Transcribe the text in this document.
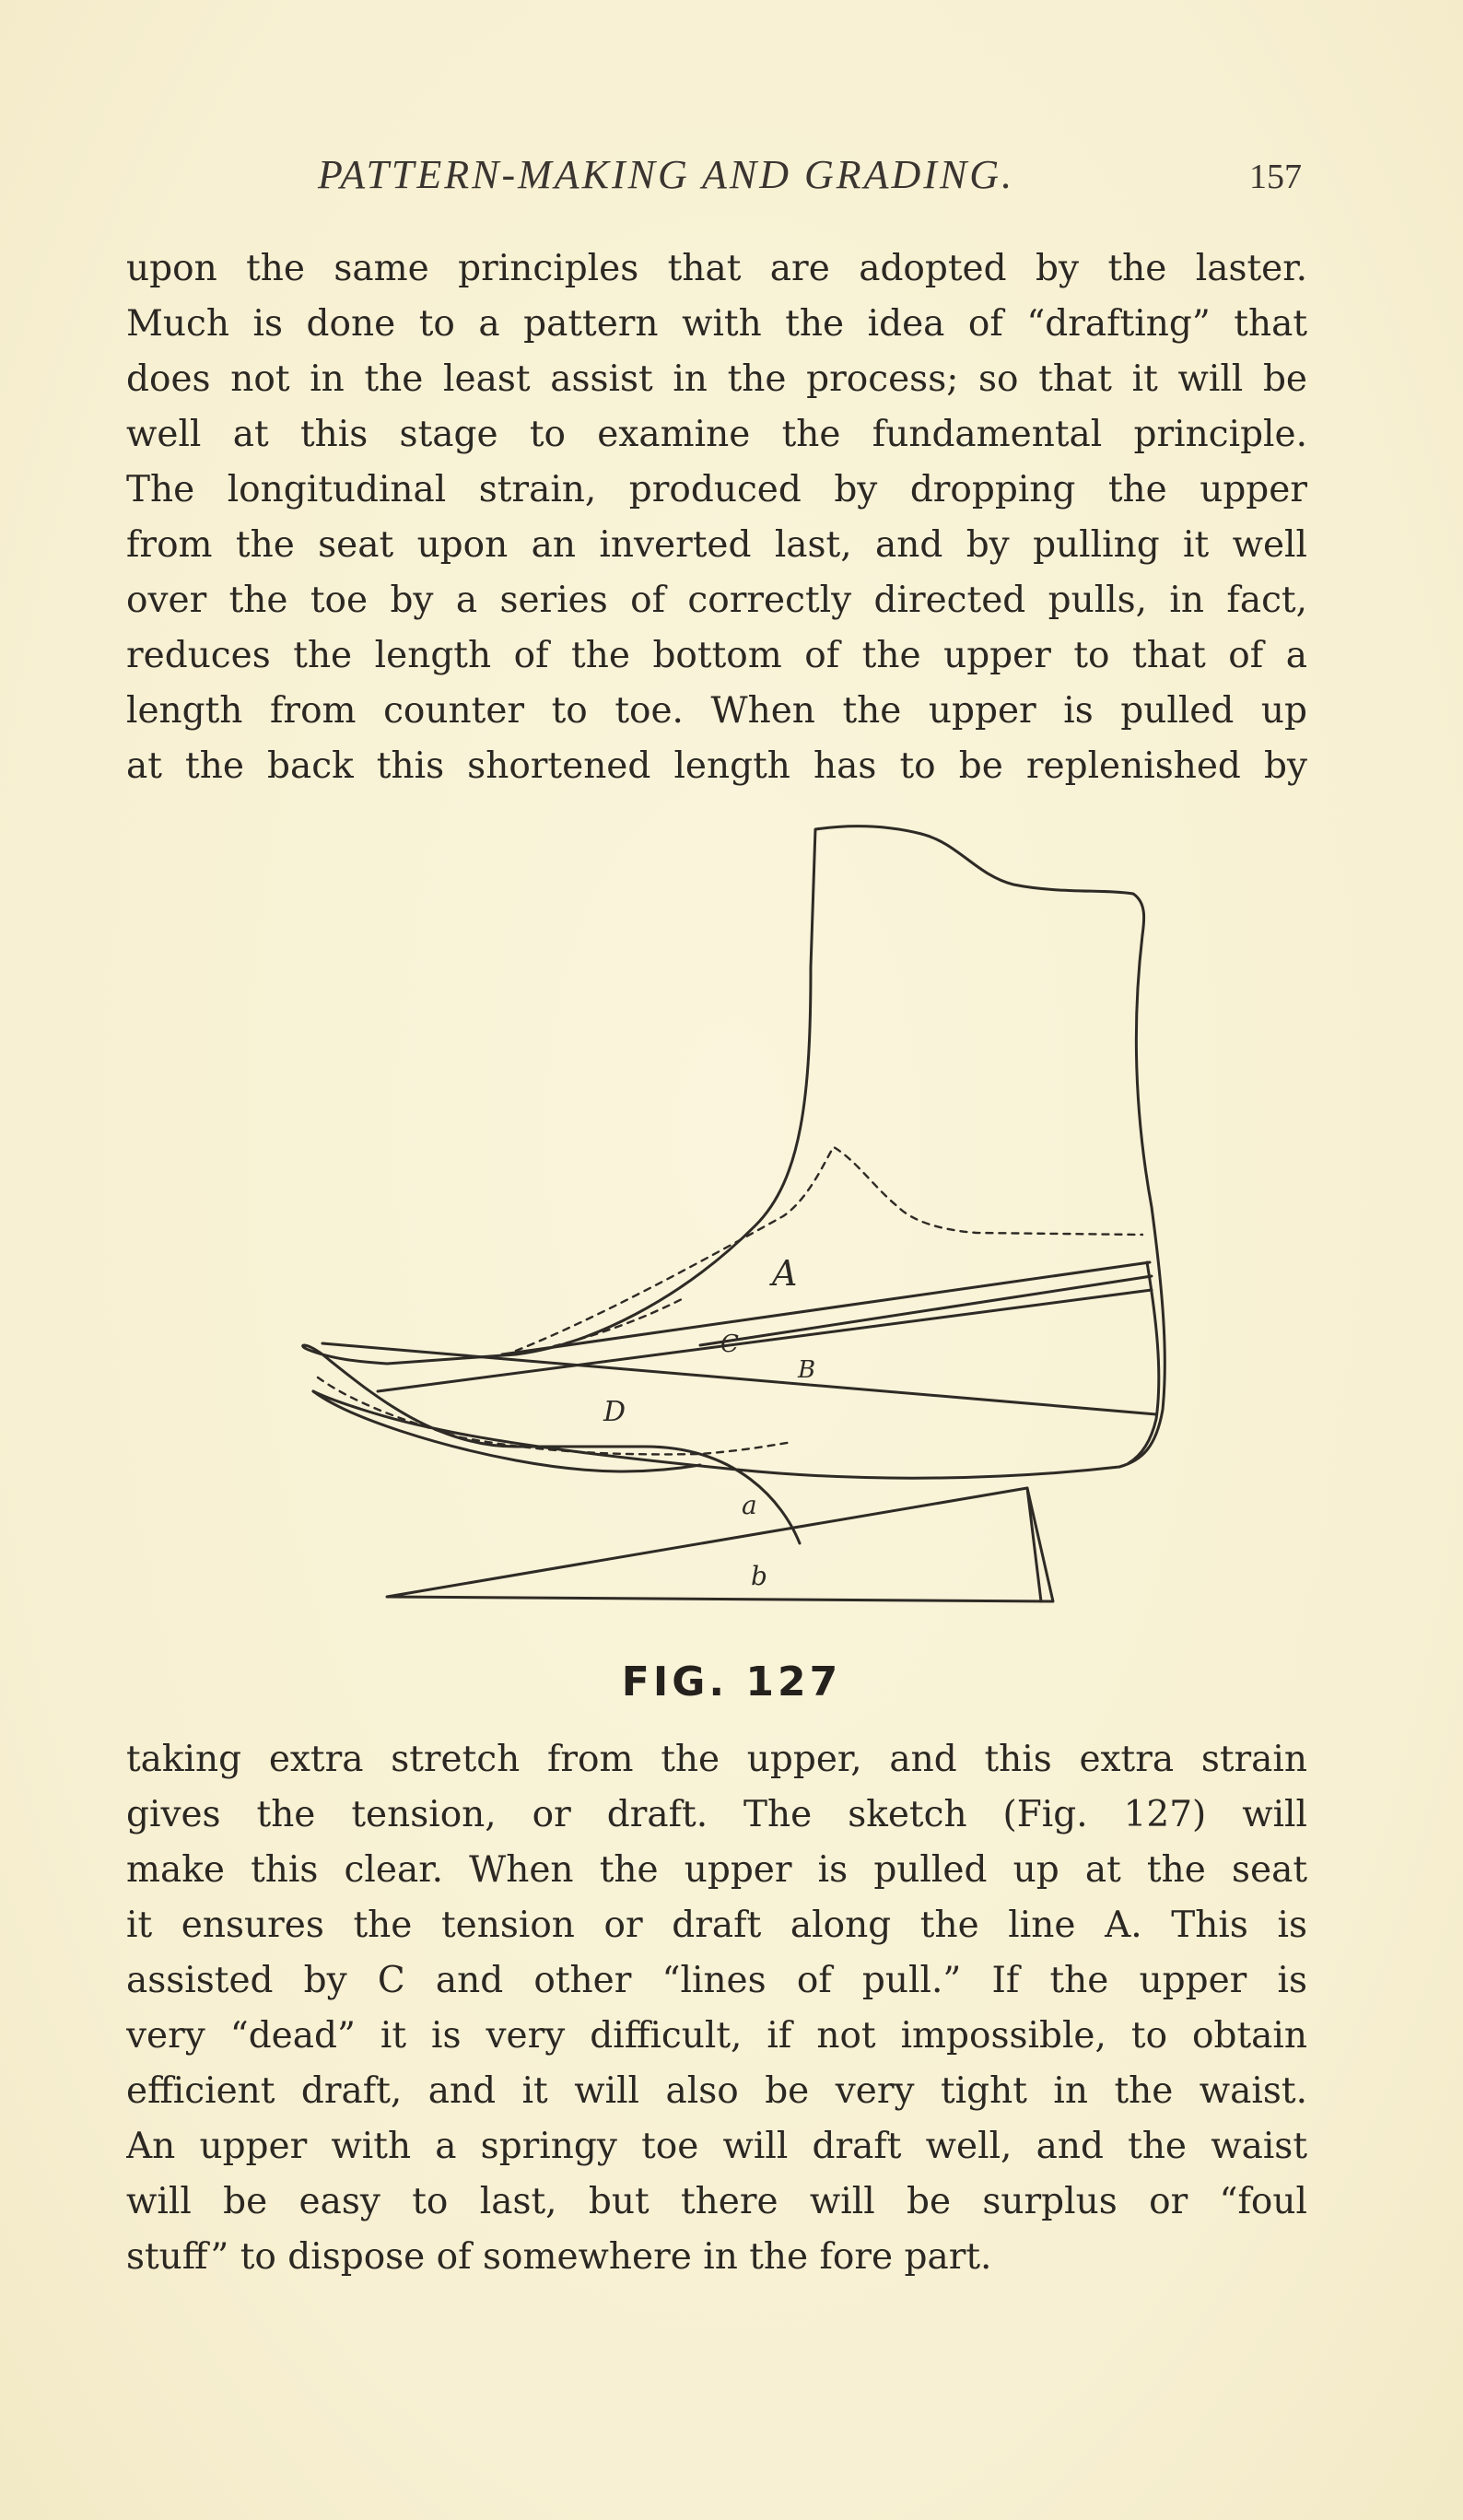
PATTERN-MAKING AND GRADING.	157
upon the same principles that are adopted by the laster.
Much is done to a pattern with the idea of “drafting” that
does not in the least assist in the process; so that it will be
well at this stage to examine the fundamental principle.
The longitudinal strain, produced by dropping the upper
from the seat upon an inverted last, and by pulling it well
over the toe by a series of correctly directed pulls, in fact,
reduces the length of the bottom of the upper to that of a
length from counter to toe. When the upper is pulled up
at the back this shortened length has to be replenished by
A
C
B
D
a
b
FIG. 127
taking extra stretch from the upper, and this extra strain
gives the tension, or draft. The sketch (Fig. 127) will
make this clear. When the upper is pulled up at the seat
it ensures the tension or draft along the line A. This is
assisted by C and other “lines of pull.” If the upper is
very “dead” it is very difficult, if not impossible, to obtain
efficient draft, and it will also be very tight in the waist.
An upper with a springy toe will draft well, and the waist
will be easy to last, but there will be surplus or “foul
stuff” to dispose of somewhere in the fore part.
